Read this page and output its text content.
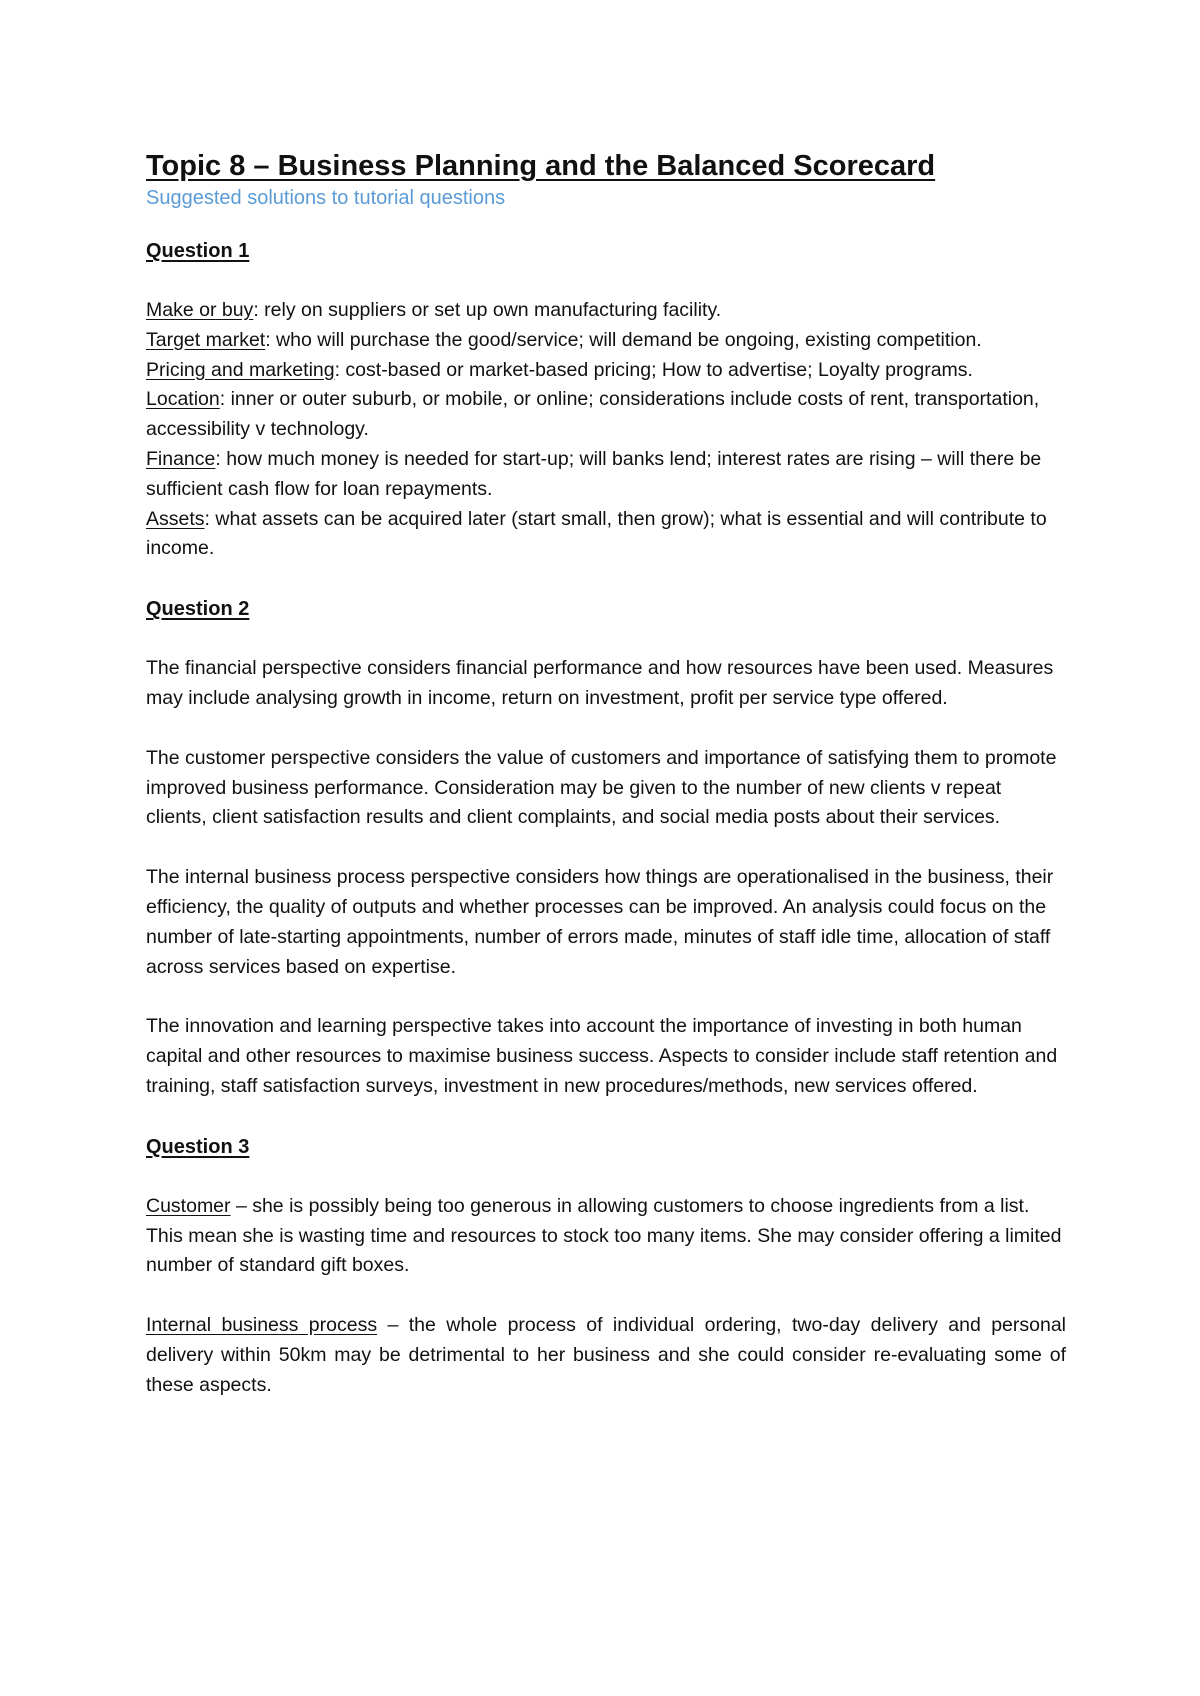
Topic 8 – Business Planning and the Balanced Scorecard

Suggested solutions to tutorial questions

Question 1
Make or buy: rely on suppliers or set up own manufacturing facility.
Target market: who will purchase the good/service; will demand be ongoing, existing competition.
Pricing and marketing: cost-based or market-based pricing; How to advertise; Loyalty programs.
Location: inner or outer suburb, or mobile, or online; considerations include costs of rent, transportation, accessibility v technology.
Finance: how much money is needed for start-up; will banks lend; interest rates are rising – will there be sufficient cash flow for loan repayments.
Assets: what assets can be acquired later (start small, then grow); what is essential and will contribute to income.
Question 2

The financial perspective considers financial performance and how resources have been used. Measures may include analysing growth in income, return on investment, profit per service type offered.

The customer perspective considers the value of customers and importance of satisfying them to promote improved business performance. Consideration may be given to the number of new clients v repeat clients, client satisfaction results and client complaints, and social media posts about their services.

The internal business process perspective considers how things are operationalised in the business, their efficiency, the quality of outputs and whether processes can be improved. An analysis could focus on the number of late-starting appointments, number of errors made, minutes of staff idle time, allocation of staff across services based on expertise.

The innovation and learning perspective takes into account the importance of investing in both human capital and other resources to maximise business success. Aspects to consider include staff retention and training, staff satisfaction surveys, investment in new procedures/methods, new services offered.

Question 3

Customer – she is possibly being too generous in allowing customers to choose ingredients from a list. This mean she is wasting time and resources to stock too many items. She may consider offering a limited number of standard gift boxes.

Internal business process – the whole process of individual ordering, two-day delivery and personal delivery within 50km may be detrimental to her business and she could consider re-evaluating some of these aspects.
